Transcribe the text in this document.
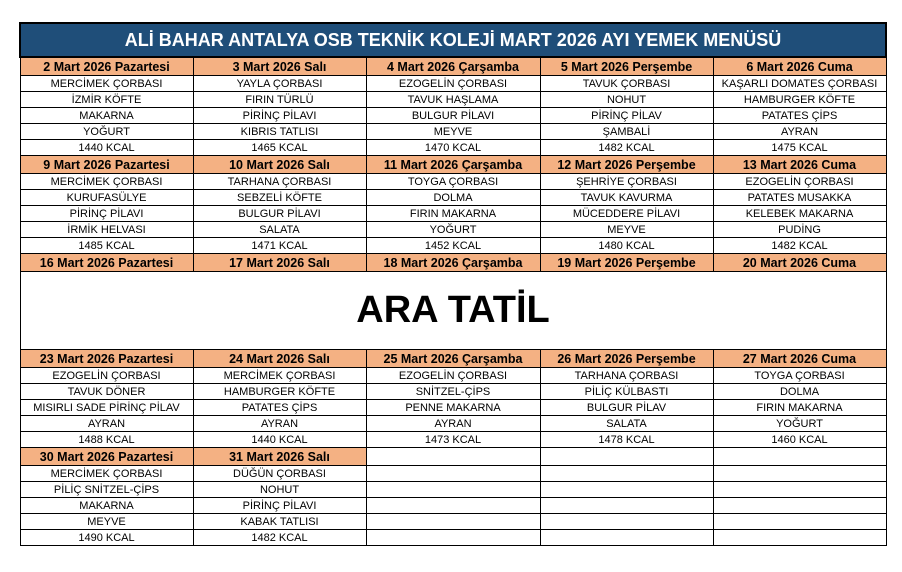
ALİ BAHAR ANTALYA OSB TEKNİK KOLEJİ MART 2026 AYI YEMEK MENÜSÜ				
2 Mart 2026 Pazartesi	3 Mart 2026 Salı	4 Mart 2026 Çarşamba	5 Mart 2026 Perşembe	6 Mart 2026 Cuma
MERCİMEK ÇORBASI	YAYLA ÇORBASI	EZOGELİN ÇORBASI	TAVUK ÇORBASI	KAŞARLI DOMATES ÇORBASI
İZMİR KÖFTE	FIRIN TÜRLÜ	TAVUK HAŞLAMA	NOHUT	HAMBURGER KÖFTE
MAKARNA	PİRİNÇ PİLAVI	BULGUR PİLAVI	PİRİNÇ PİLAV	PATATES ÇİPS
YOĞURT	KIBRIS TATLISI	MEYVE	ŞAMBALİ	AYRAN
1440 KCAL	1465 KCAL	1470 KCAL	1482 KCAL	1475 KCAL
9 Mart 2026 Pazartesi	10 Mart 2026 Salı	11 Mart 2026 Çarşamba	12 Mart 2026 Perşembe	13 Mart 2026 Cuma
MERCİMEK ÇORBASI	TARHANA ÇORBASI	TOYGA ÇORBASI	ŞEHRİYE ÇORBASI	EZOGELİN ÇORBASI
KURUFASÜLYE	SEBZELİ KÖFTE	DOLMA	TAVUK KAVURMA	PATATES MUSAKKA
PİRİNÇ PİLAVI	BULGUR PİLAVI	FIRIN MAKARNA	MÜCEDDERE PİLAVI	KELEBEK MAKARNA
İRMİK HELVASI	SALATA	YOĞURT	MEYVE	PUDİNG
1485 KCAL	1471 KCAL	1452 KCAL	1480 KCAL	1482 KCAL
16 Mart 2026 Pazartesi	17 Mart 2026 Salı	18 Mart 2026 Çarşamba	19 Mart 2026 Perşembe	20 Mart 2026 Cuma
ARA TATİL				
23 Mart 2026 Pazartesi	24 Mart 2026 Salı	25 Mart 2026 Çarşamba	26 Mart 2026 Perşembe	27 Mart 2026 Cuma
EZOGELİN ÇORBASI	MERCİMEK ÇORBASI	EZOGELİN ÇORBASI	TARHANA ÇORBASI	TOYGA ÇORBASI
TAVUK DÖNER	HAMBURGER KÖFTE	SNİTZEL-ÇİPS	PİLİÇ KÜLBASTI	DOLMA
MISIRLI SADE PİRİNÇ PİLAV	PATATES ÇİPS	PENNE MAKARNA	BULGUR PİLAV	FIRIN MAKARNA
AYRAN	AYRAN	AYRAN	SALATA	YOĞURT
1488 KCAL	1440 KCAL	1473 KCAL	1478 KCAL	1460 KCAL
30 Mart 2026 Pazartesi	31 Mart 2026 Salı			
MERCİMEK ÇORBASI	DÜĞÜN ÇORBASI			
PİLİÇ SNİTZEL-ÇİPS	NOHUT			
MAKARNA	PİRİNÇ PİLAVI			
MEYVE	KABAK TATLISI			
1490 KCAL	1482 KCAL			
